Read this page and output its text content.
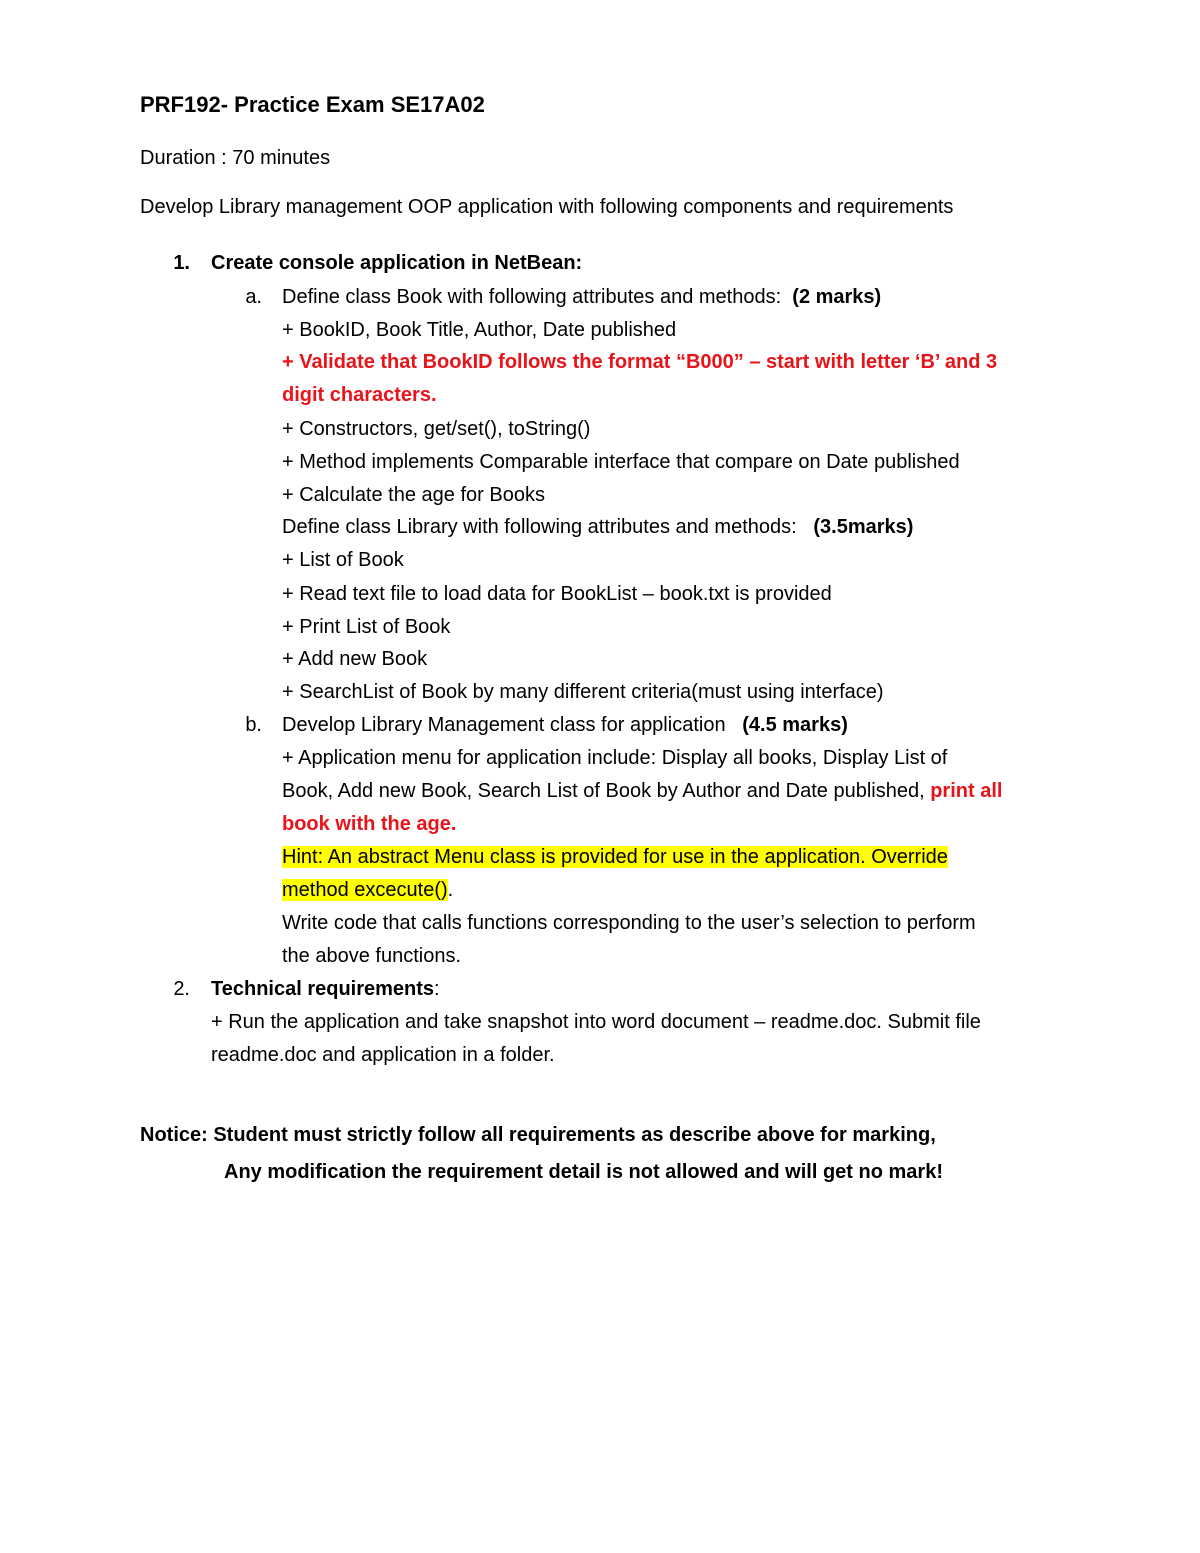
PRF192- Practice Exam SE17A02
Duration : 70 minutes
Develop Library management OOP application with following components and requirements
1. Create console application in NetBean:
a. Define class Book with following attributes and methods: (2 marks)
+ BookID, Book Title, Author, Date published
+ Validate that BookID follows the format “B000” – start with letter ‘B’ and 3
digit characters.
+ Constructors, get/set(), toString()
+ Method implements Comparable interface that compare on Date published
+ Calculate the age for Books
Define class Library with following attributes and methods: (3.5marks)
+ List of Book
+ Read text file to load data for BookList – book.txt is provided
+ Print List of Book
+ Add new Book
+ SearchList of Book by many different criteria(must using interface)
b. Develop Library Management class for application (4.5 marks)
+ Application menu for application include: Display all books, Display List of
Book, Add new Book, Search List of Book by Author and Date published, print all
book with the age.
Hint: An abstract Menu class is provided for use in the application. Override
method excecute().
Write code that calls functions corresponding to the user’s selection to perform
the above functions.
2. Technical requirements:
+ Run the application and take snapshot into word document – readme.doc. Submit file
readme.doc and application in a folder.
Notice: Student must strictly follow all requirements as describe above for marking,
Any modification the requirement detail is not allowed and will get no mark!
